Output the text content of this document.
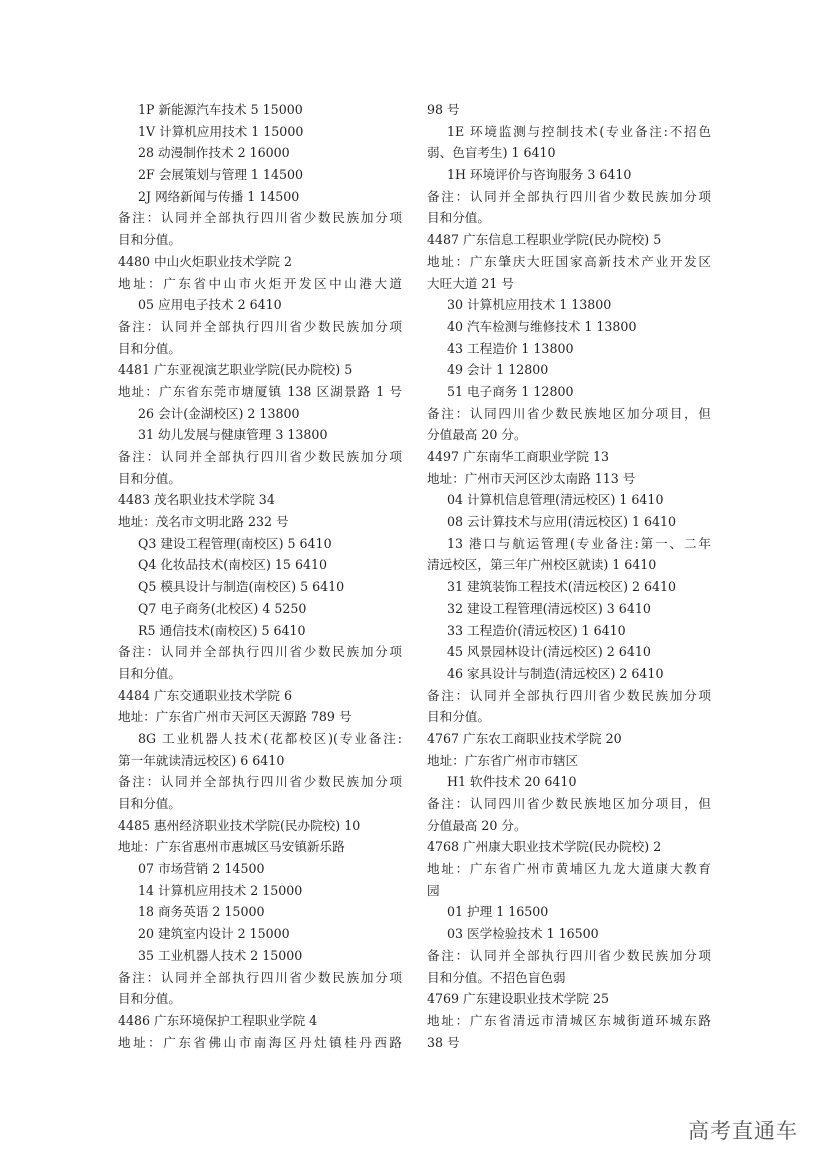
1P 新能源汽车技术 5 15000
1V 计算机应用技术 1 15000
28 动漫制作技术 2 16000
2F 会展策划与管理 1 14500
2J 网络新闻与传播 1 14500
备注：认同并全部执行四川省少数民族加分项
目和分值。
4480 中山火炬职业技术学院 2
地址：广东省中山市火炬开发区中山港大道
05 应用电子技术 2 6410
备注：认同并全部执行四川省少数民族加分项
目和分值。
4481 广东亚视演艺职业学院(民办院校) 5
地址：广东省东莞市塘厦镇 138 区湖景路 1 号
26 会计(金湖校区) 2 13800
31 幼儿发展与健康管理 3 13800
备注：认同并全部执行四川省少数民族加分项
目和分值。
4483 茂名职业技术学院 34
地址：茂名市文明北路 232 号
Q3 建设工程管理(南校区) 5 6410
Q4 化妆品技术(南校区) 15 6410
Q5 模具设计与制造(南校区) 5 6410
Q7 电子商务(北校区) 4 5250
R5 通信技术(南校区) 5 6410
备注：认同并全部执行四川省少数民族加分项
目和分值。
4484 广东交通职业技术学院 6
地址：广东省广州市天河区天源路 789 号
8G 工业机器人技术(花都校区)(专业备注:
第一年就读清远校区) 6 6410
备注：认同并全部执行四川省少数民族加分项
目和分值。
4485 惠州经济职业技术学院(民办院校) 10
地址：广东省惠州市惠城区马安镇新乐路
07 市场营销 2 14500
14 计算机应用技术 2 15000
18 商务英语 2 15000
20 建筑室内设计 2 15000
35 工业机器人技术 2 15000
备注：认同并全部执行四川省少数民族加分项
目和分值。
4486 广东环境保护工程职业学院 4
地址：广东省佛山市南海区丹灶镇桂丹西路
98 号
1E 环境监测与控制技术(专业备注:不招色
弱、色盲考生) 1 6410
1H 环境评价与咨询服务 3 6410
备注：认同并全部执行四川省少数民族加分项
目和分值。
4487 广东信息工程职业学院(民办院校) 5
地址：广东肇庆大旺国家高新技术产业开发区
大旺大道 21 号
30 计算机应用技术 1 13800
40 汽车检测与维修技术 1 13800
43 工程造价 1 13800
49 会计 1 12800
51 电子商务 1 12800
备注：认同四川省少数民族地区加分项目，但
分值最高 20 分。
4497 广东南华工商职业学院 13
地址：广州市天河区沙太南路 113 号
04 计算机信息管理(清远校区) 1 6410
08 云计算技术与应用(清远校区) 1 6410
13 港口与航运管理(专业备注:第一、二年
清远校区，第三年广州校区就读) 1 6410
31 建筑装饰工程技术(清远校区) 2 6410
32 建设工程管理(清远校区) 3 6410
33 工程造价(清远校区) 1 6410
45 风景园林设计(清远校区) 2 6410
46 家具设计与制造(清远校区) 2 6410
备注：认同并全部执行四川省少数民族加分项
目和分值。
4767 广东农工商职业技术学院 20
地址：广东省广州市市辖区
H1 软件技术 20 6410
备注：认同四川省少数民族地区加分项目，但
分值最高 20 分。
4768 广州康大职业技术学院(民办院校) 2
地址：广东省广州市黄埔区九龙大道康大教育
园
01 护理 1 16500
03 医学检验技术 1 16500
备注：认同并全部执行四川省少数民族加分项
目和分值。不招色盲色弱
4769 广东建设职业技术学院 25
地址：广东省清远市清城区东城街道环城东路
38 号
高考直通车
